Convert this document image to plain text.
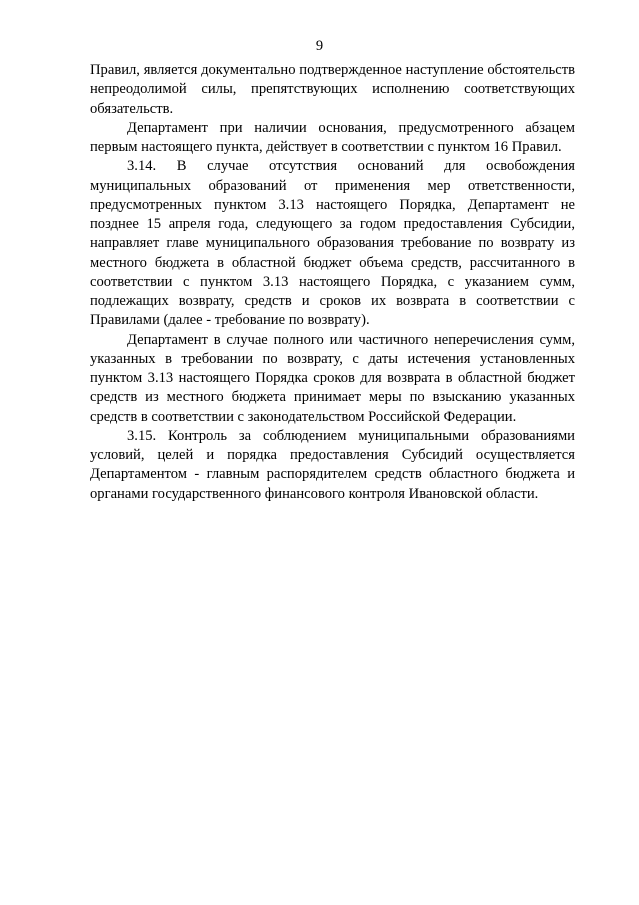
9

Правил, является документально подтвержденное наступление обстоятельств непреодолимой силы, препятствующих исполнению соответствующих обязательств.

Департамент при наличии основания, предусмотренного абзацем первым настоящего пункта, действует в соответствии с пунктом 16 Правил.

3.14. В случае отсутствия оснований для освобождения муниципальных образований от применения мер ответственности, предусмотренных пунктом 3.13 настоящего Порядка, Департамент не позднее 15 апреля года, следующего за годом предоставления Субсидии, направляет главе муниципального образования требование по возврату из местного бюджета в областной бюджет объема средств, рассчитанного в соответствии с пунктом 3.13 настоящего Порядка, с указанием сумм, подлежащих возврату, средств и сроков их возврата в соответствии с Правилами (далее - требование по возврату).

Департамент в случае полного или частичного неперечисления сумм, указанных в требовании по возврату, с даты истечения установленных пунктом 3.13 настоящего Порядка сроков для возврата в областной бюджет средств из местного бюджета принимает меры по взысканию указанных средств в соответствии с законодательством Российской Федерации.

3.15. Контроль за соблюдением муниципальными образованиями условий, целей и порядка предоставления Субсидий осуществляется Департаментом - главным распорядителем средств областного бюджета и органами государственного финансового контроля Ивановской области.
